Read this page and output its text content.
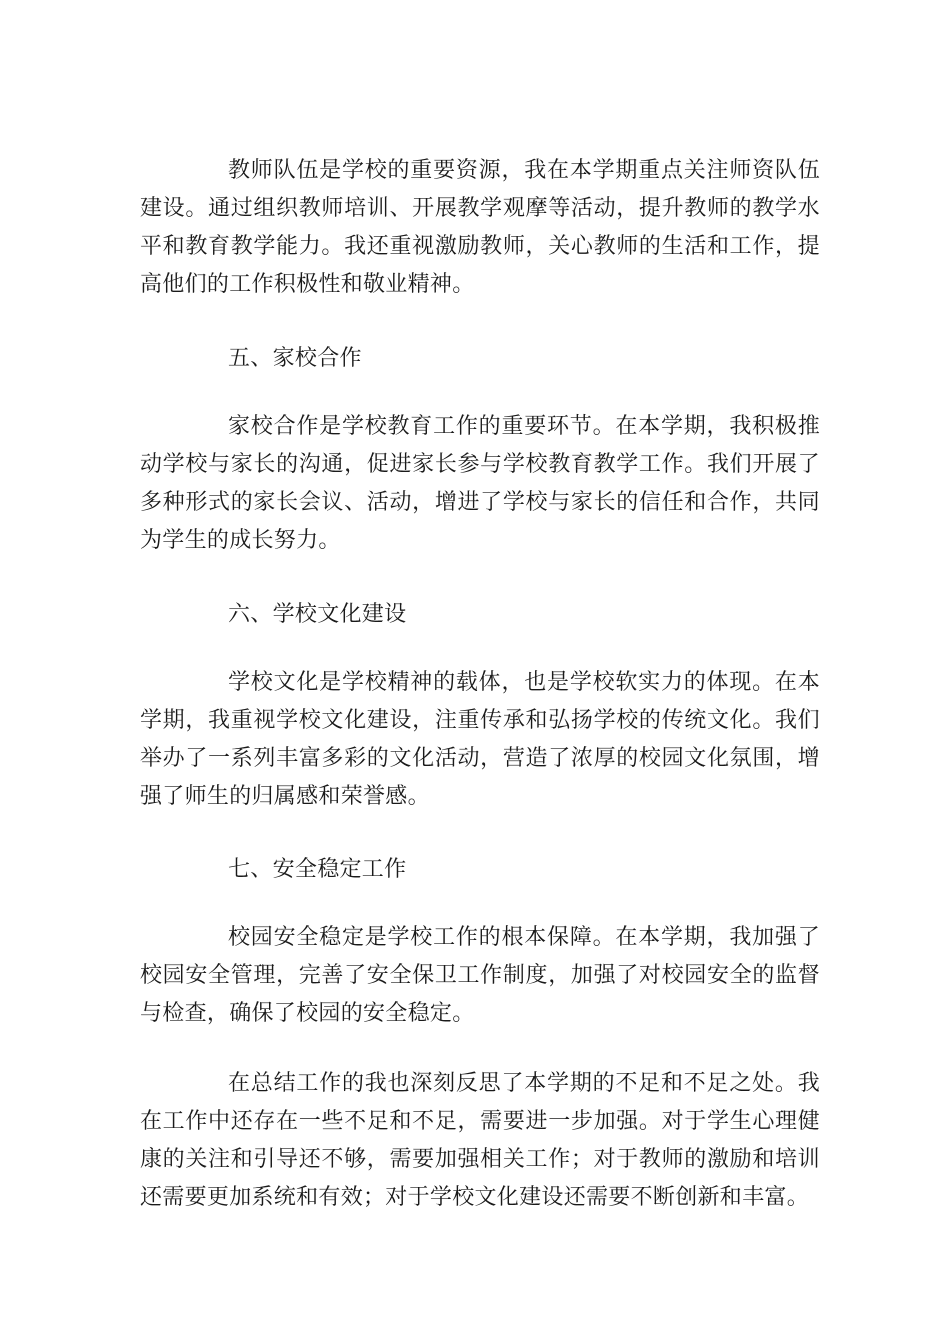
教师队伍是学校的重要资源，我在本学期重点关注师资队伍建设。通过组织教师培训、开展教学观摩等活动，提升教师的教学水平和教育教学能力。我还重视激励教师，关心教师的生活和工作，提高他们的工作积极性和敬业精神。

五、家校合作

家校合作是学校教育工作的重要环节。在本学期，我积极推动学校与家长的沟通，促进家长参与学校教育教学工作。我们开展了多种形式的家长会议、活动，增进了学校与家长的信任和合作，共同为学生的成长努力。

六、学校文化建设

学校文化是学校精神的载体，也是学校软实力的体现。在本学期，我重视学校文化建设，注重传承和弘扬学校的传统文化。我们举办了一系列丰富多彩的文化活动，营造了浓厚的校园文化氛围，增强了师生的归属感和荣誉感。

七、安全稳定工作

校园安全稳定是学校工作的根本保障。在本学期，我加强了校园安全管理，完善了安全保卫工作制度，加强了对校园安全的监督与检查，确保了校园的安全稳定。

在总结工作的我也深刻反思了本学期的不足和不足之处。我在工作中还存在一些不足和不足，需要进一步加强。对于学生心理健康的关注和引导还不够，需要加强相关工作；对于教师的激励和培训还需要更加系统和有效；对于学校文化建设还需要不断创新和丰富。
